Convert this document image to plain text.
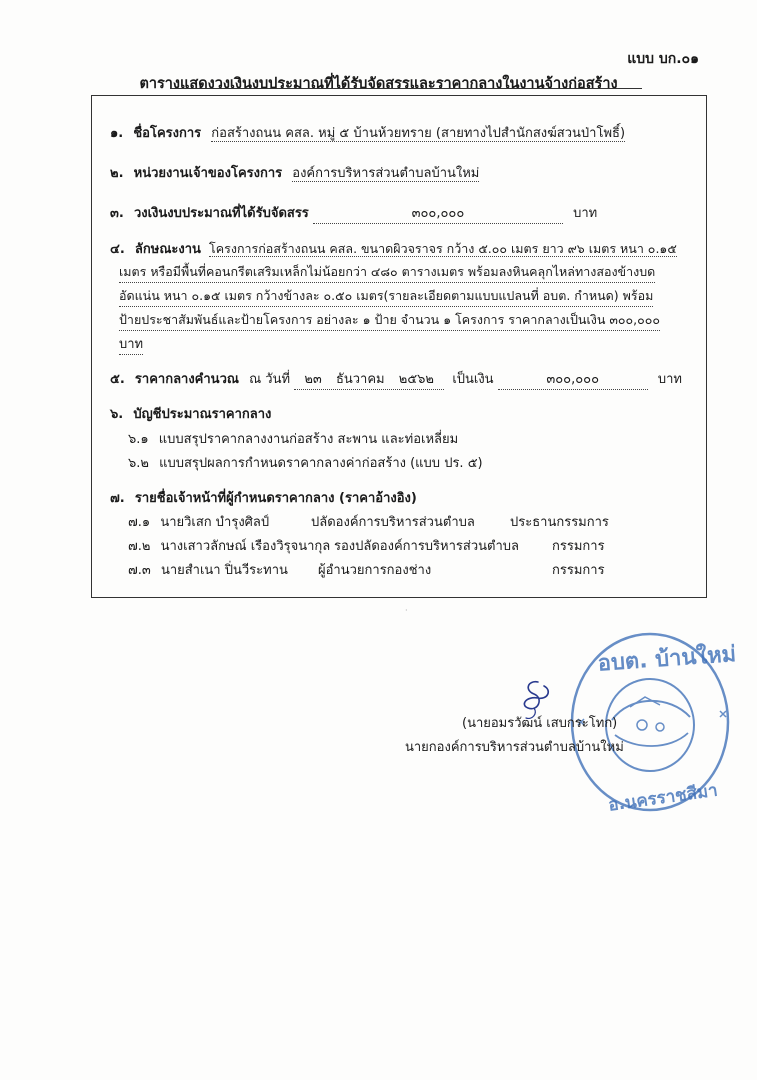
แบบ บก.๐๑
ตารางแสดงวงเงินงบประมาณที่ได้รับจัดสรรและราคากลางในงานจ้างก่อสร้าง
๑. ชื่อโครงการ ก่อสร้างถนน คสล. หมู่ ๕ บ้านห้วยทราย (สายทางไปสำนักสงฆ์สวนป่าโพธิ์)
๒. หน่วยงานเจ้าของโครงการ องค์การบริหารส่วนตำบลบ้านใหม่
๓. วงเงินงบประมาณที่ได้รับจัดสรร	๓๐๐,๐๐๐	บาท
๔. ลักษณะงาน โครงการก่อสร้างถนน คสล. ขนาดผิวจราจร กว้าง ๕.๐๐ เมตร ยาว ๙๖ เมตร หนา ๐.๑๕
เมตร หรือมีพื้นที่คอนกรีตเสริมเหล็กไม่น้อยกว่า ๔๘๐ ตารางเมตร พร้อมลงหินคลุกไหล่ทางสองข้างบด
อัดแน่น หนา ๐.๑๕ เมตร กว้างข้างละ ๐.๕๐ เมตร(รายละเอียดตามแบบแปลนที่ อบต. กำหนด) พร้อม
ป้ายประชาสัมพันธ์และป้ายโครงการ อย่างละ ๑ ป้าย จำนวน ๑ โครงการ ราคากลางเป็นเงิน ๓๐๐,๐๐๐
บาท
๕. ราคากลางคำนวณ ณ วันที่ ๒๓ ธันวาคม ๒๕๖๒ เป็นเงิน	๓๐๐,๐๐๐	บาท
๖. บัญชีประมาณราคากลาง
๖.๑ แบบสรุปราคากลางงานก่อสร้าง สะพาน และท่อเหลี่ยม
๖.๒ แบบสรุปผลการกำหนดราคากลางค่าก่อสร้าง (แบบ ปร. ๕)
๗. รายชื่อเจ้าหน้าที่ผู้กำหนดราคากลาง (ราคาอ้างอิง)
๗.๑ นายวิเสก บำรุงศิลป์	ปลัดองค์การบริหารส่วนตำบล	ประธานกรรมการ
๗.๒ นางเสาวลักษณ์ เรืองวิรุจนากุล รองปลัดองค์การบริหารส่วนตำบล	กรรมการ
๗.๓ นายสำเนา ปิ่นวีระทาน ผู้อำนวยการกองช่าง	กรรมการ
·
อบต. บ้านใหม่
อ.นครราชสีมา
(นายอมรวัฒน์ เสบกระโทก)
นายกองค์การบริหารส่วนตำบลบ้านใหม่
